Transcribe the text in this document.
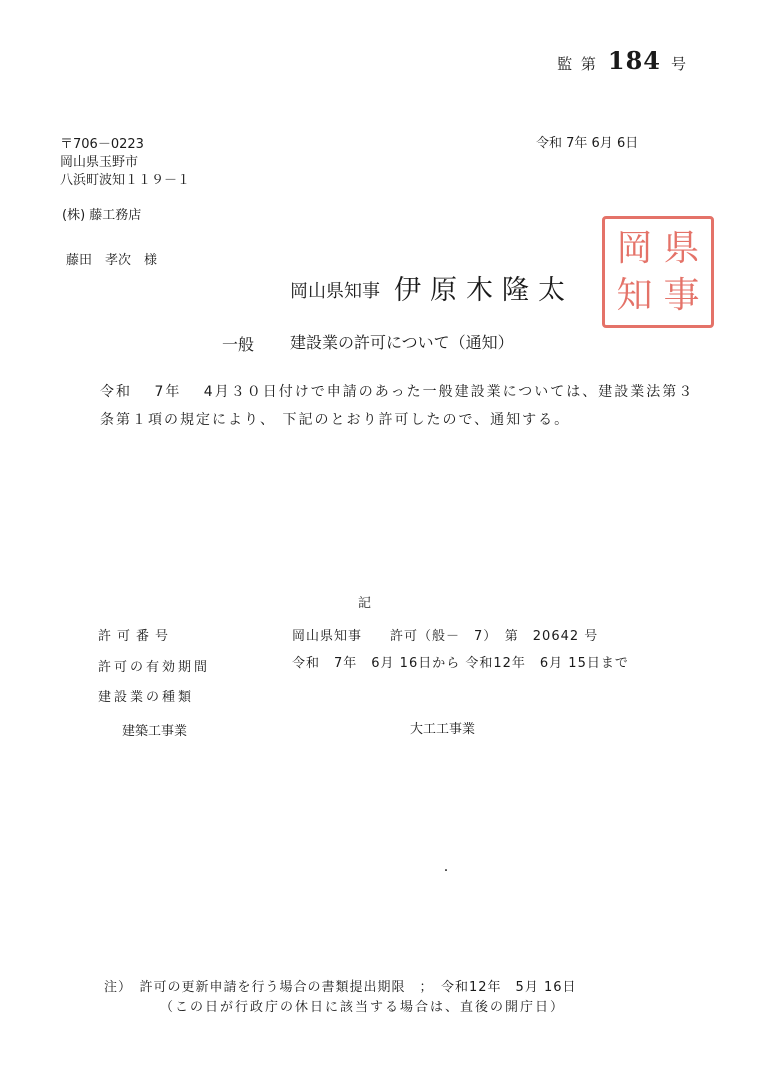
監 第 184 号
令和 7年 6月 6日
〒706－0223
岡山県玉野市
八浜町波知１１９－１
(株) 藤工務店
藤田　孝次　様
岡山県知事 伊原木隆太
岡 県
知 事
一般 建設業の許可について（通知）
令和　 7年　 4月３０日付けで申請のあった一般建設業については、建設業法第３条第１項の規定により、 下記のとおり許可したので、通知する。
記
許可番号	岡山県知事　　許可（般－　7）　第　20642 号
許可の有効期間	令和　7年　6月 16日から 令和12年　6月 15日まで
建設業の種類
建築工事業	大工工事業
・
注）　許可の更新申請を行う場合の書類提出期限　；　令和12年　5月 16日
（この日が行政庁の休日に該当する場合は、直後の開庁日）
